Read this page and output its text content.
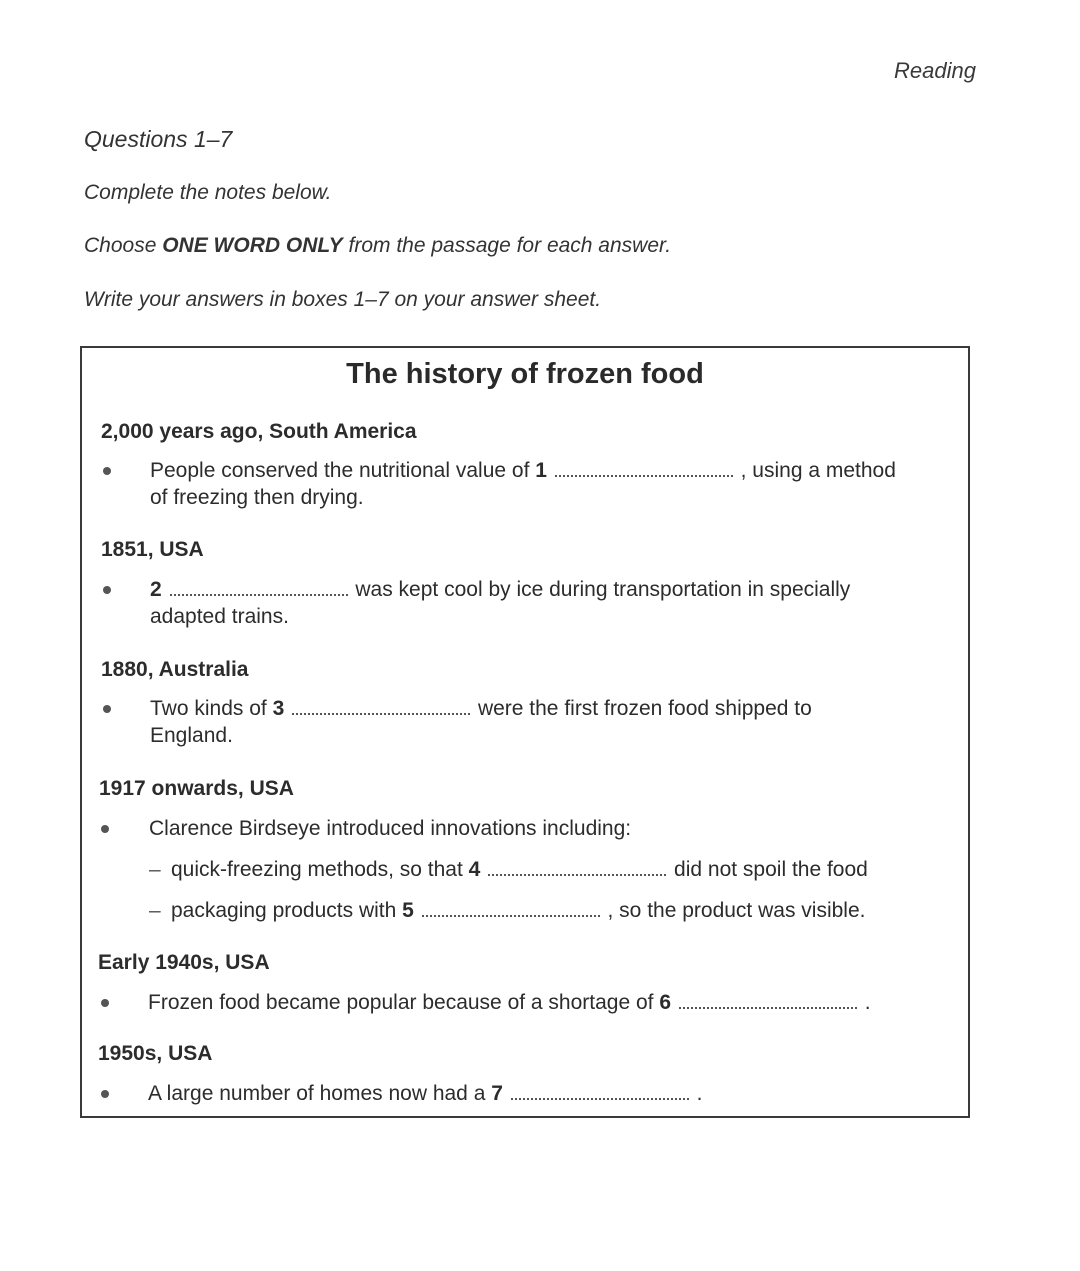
Reading
Questions 1–7
Complete the notes below.
Choose ONE WORD ONLY from the passage for each answer.
Write your answers in boxes 1–7 on your answer sheet.
The history of frozen food
2,000 years ago, South America
People conserved the nutritional value of 1	, using a method
of freezing then drying.
1851, USA
2	was kept cool by ice during transportation in specially
adapted trains.
1880, Australia
Two kinds of 3	were the first frozen food shipped to
England.
1917 onwards, USA
Clarence Birdseye introduced innovations including:
– quick-freezing methods, so that 4	did not spoil the food
– packaging products with 5	, so the product was visible.
Early 1940s, USA
Frozen food became popular because of a shortage of 6	.
1950s, USA
A large number of homes now had a 7	.
